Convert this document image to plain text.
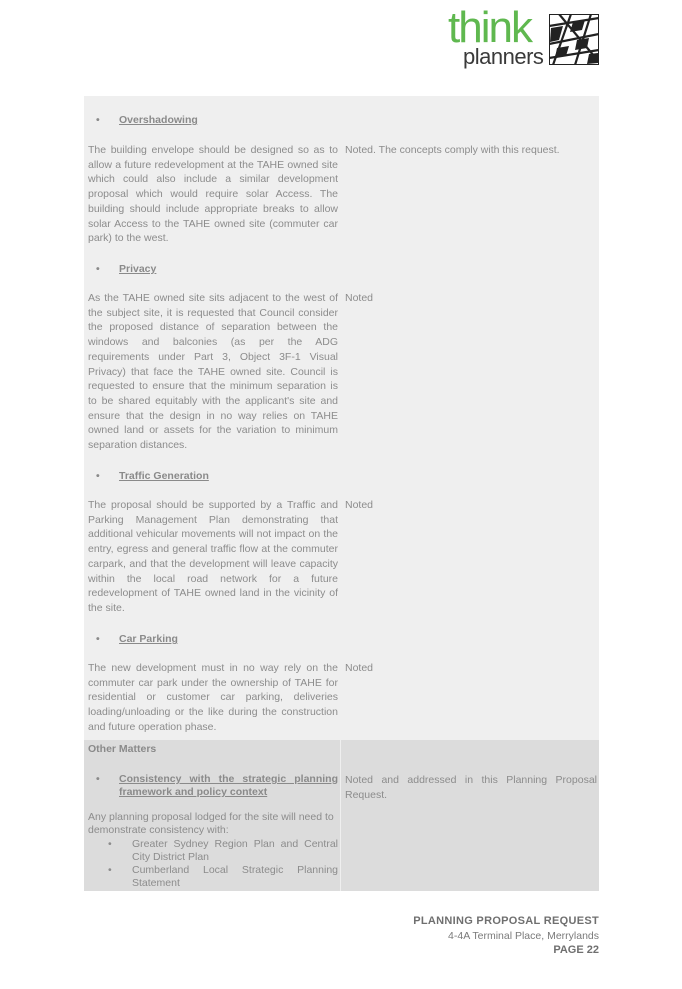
think
planners
• Overshadowing

The building envelope should be designed so as to allow a future redevelopment at the TAHE owned site which could also include a similar development proposal which would require solar Access. The building should include appropriate breaks to allow solar Access to the TAHE owned site (commuter car park) to the west.

Noted. The concepts comply with this request.

• Privacy

As the TAHE owned site sits adjacent to the west of the subject site, it is requested that Council consider the proposed distance of separation between the windows and balconies (as per the ADG requirements under Part 3, Object 3F-1 Visual Privacy) that face the TAHE owned site. Council is requested to ensure that the minimum separation is to be shared equitably with the applicant's site and ensure that the design in no way relies on TAHE owned land or assets for the variation to minimum separation distances.

Noted

• Traffic Generation

The proposal should be supported by a Traffic and Parking Management Plan demonstrating that additional vehicular movements will not impact on the entry, egress and general traffic flow at the commuter carpark, and that the development will leave capacity within the local road network for a future redevelopment of TAHE owned land in the vicinity of the site.

Noted

• Car Parking

The new development must in no way rely on the commuter car park under the ownership of TAHE for residential or customer car parking, deliveries loading/unloading or the like during the construction and future operation phase.

Noted

Other Matters
• Consistency with the strategic planning framework and policy context

Noted and addressed in this Planning Proposal Request.

Any planning proposal lodged for the site will need to demonstrate consistency with:

• Greater Sydney Region Plan and Central City District Plan
• Cumberland Local Strategic Planning Statement
PLANNING PROPOSAL REQUEST
4-4A Terminal Place, Merrylands
PAGE 22
